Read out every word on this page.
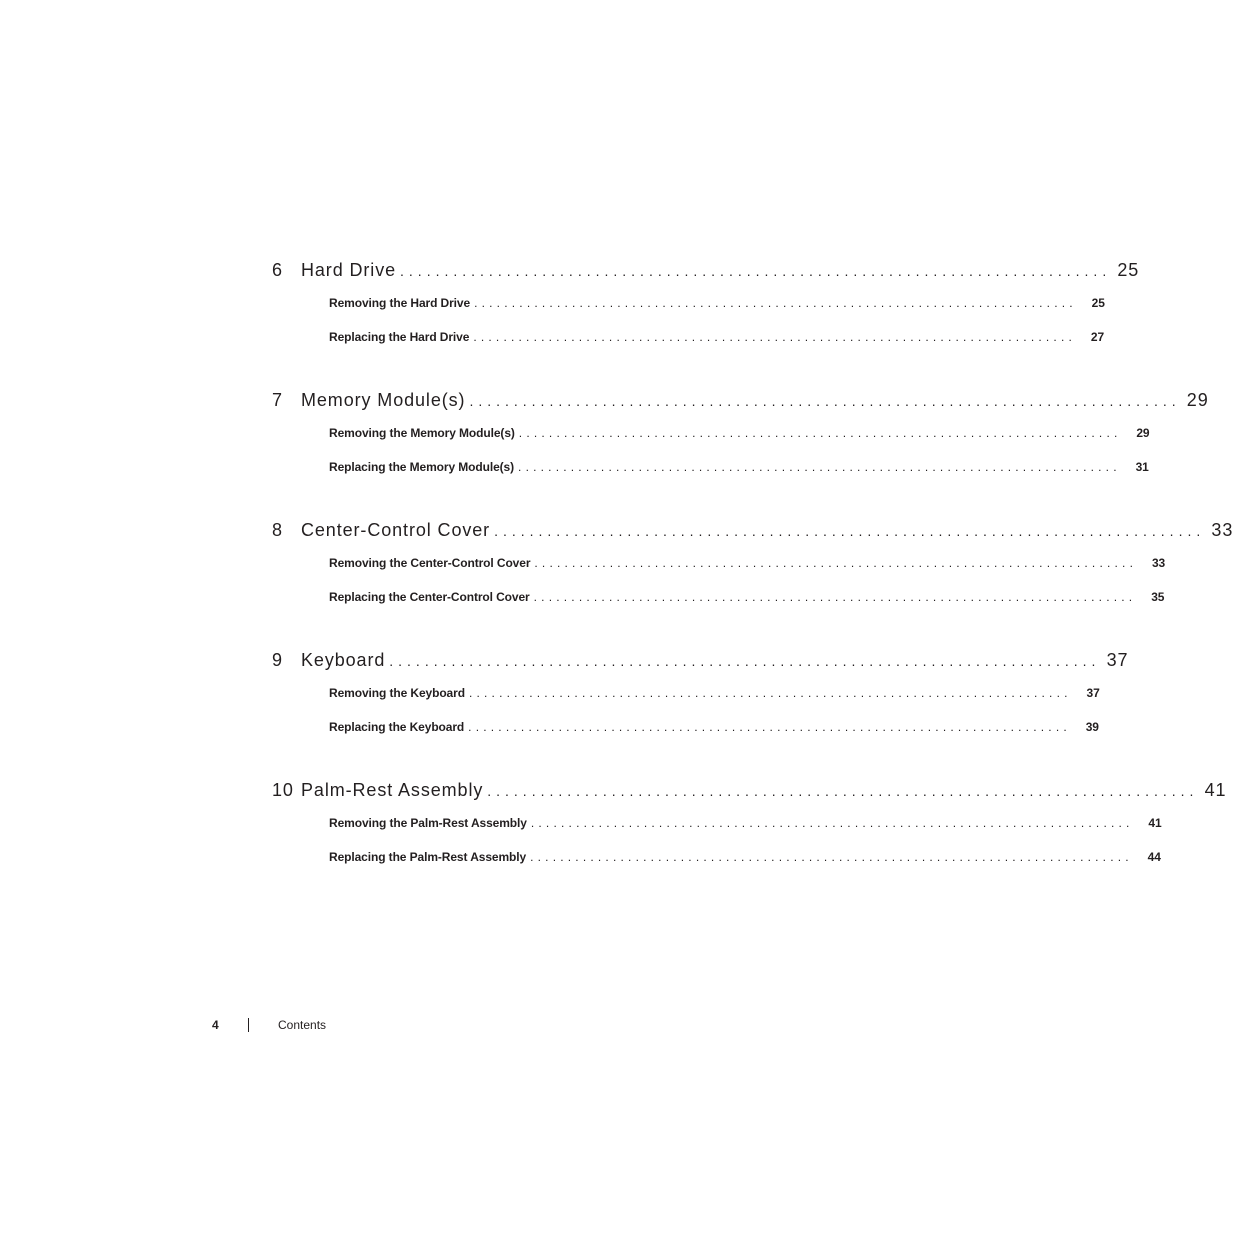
6	Hard Drive ................................................................................ 25
Removing the Hard Drive ................................................................................ 25
Replacing the Hard Drive ................................................................................ 27
7	Memory Module(s) ................................................................................ 29
Removing the Memory Module(s) ................................................................................ 29
Replacing the Memory Module(s) ................................................................................ 31
8	Center-Control Cover ................................................................................ 33
Removing the Center-Control Cover ................................................................................ 33
Replacing the Center-Control Cover ................................................................................ 35
9	Keyboard ................................................................................ 37
Removing the Keyboard ................................................................................ 37
Replacing the Keyboard ................................................................................ 39
10 Palm-Rest Assembly ................................................................................ 41
Removing the Palm-Rest Assembly ................................................................................ 41
Replacing the Palm-Rest Assembly ................................................................................ 44
4	Contents
